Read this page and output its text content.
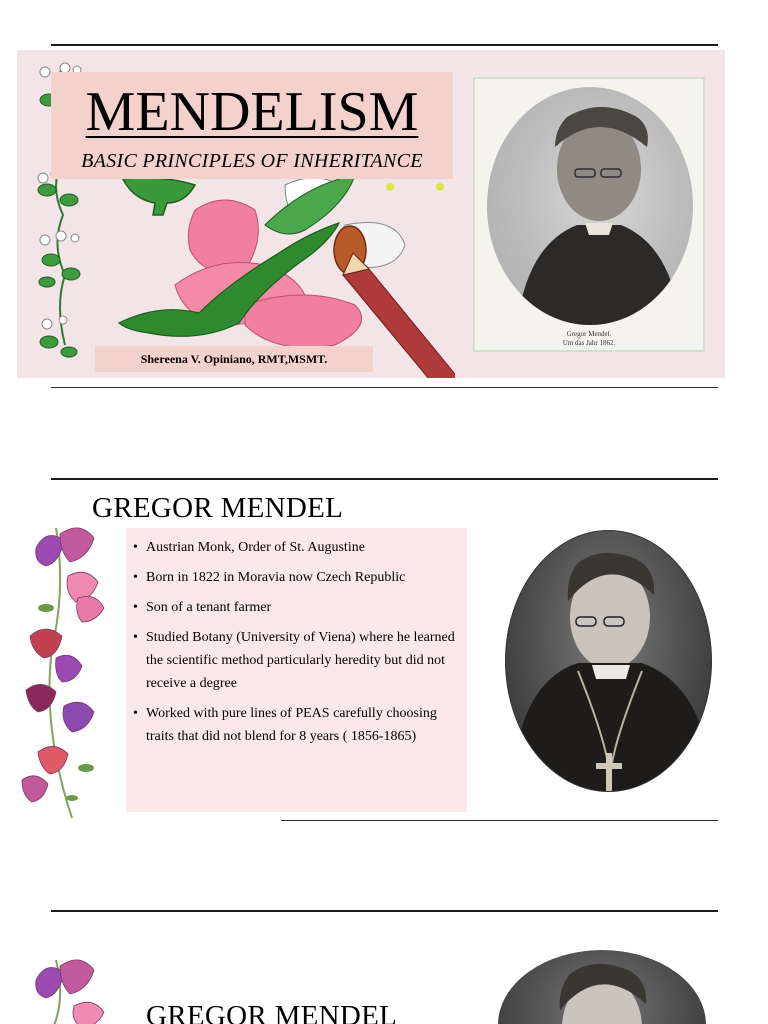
MENDELISM
BASIC PRINCIPLES OF INHERITANCE
Shereena V. Opiniano, RMT,MSMT.
Gregor Mendel.
Um das Jahr 1862.
GREGOR MENDEL
• Austrian Monk, Order of St. Augustine
• Born in 1822 in Moravia now Czech Republic
• Son of a tenant farmer
• Studied Botany (University of Viena) where he learned the scientific method particularly heredity but did not receive a degree
• Worked with pure lines of PEAS carefully choosing traits that did not blend for 8 years ( 1856-1865)
GREGOR MENDEL
